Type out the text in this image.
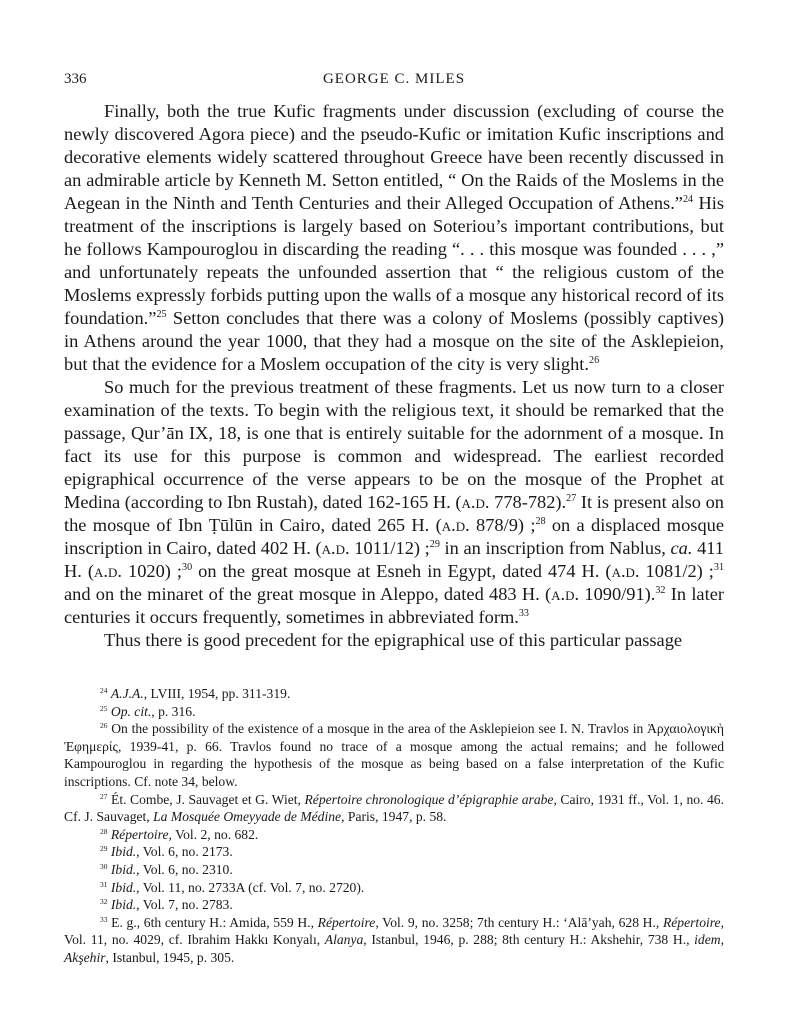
336	GEORGE C. MILES

Finally, both the true Kufic fragments under discussion (excluding of course the newly discovered Agora piece) and the pseudo-Kufic or imitation Kufic inscriptions and decorative elements widely scattered throughout Greece have been recently discussed in an admirable article by Kenneth M. Setton entitled, “ On the Raids of the Moslems in the Aegean in the Ninth and Tenth Centuries and their Alleged Occupation of Athens.”$^{24}$ His treatment of the inscriptions is largely based on Soteriou’s important contributions, but he follows Kampouroglou in discarding the reading “. . . this mosque was founded . . . ,” and unfortunately repeats the unfounded assertion that “ the religious custom of the Moslems expressly forbids putting upon the walls of a mosque any historical record of its foundation.”$^{25}$ Setton concludes that there was a colony of Moslems (possibly captives) in Athens around the year 1000, that they had a mosque on the site of the Asklepieion, but that the evidence for a Moslem occupation of the city is very slight.$^{26}$

So much for the previous treatment of these fragments. Let us now turn to a closer examination of the texts. To begin with the religious text, it should be remarked that the passage, Qur’ān IX, 18, is one that is entirely suitable for the adornment of a mosque. In fact its use for this purpose is common and widespread. The earliest recorded epigraphical occurrence of the verse appears to be on the mosque of the Prophet at Medina (according to Ibn Rustah), dated 162-165 H. (a.d. 778-782).$^{27}$ It is present also on the mosque of Ibn Ṭūlūn in Cairo, dated 265 H. (a.d. 878/9) ;$^{28}$ on a displaced mosque inscription in Cairo, dated 402 H. (a.d. 1011/12) ;$^{29}$ in an inscription from Nablus, ca. 411 H. (a.d. 1020) ;$^{30}$ on the great mosque at Esneh in Egypt, dated 474 H. (a.d. 1081/2) ;$^{31}$ and on the minaret of the great mosque in Aleppo, dated 483 H. (a.d. 1090/91).$^{32}$ In later centuries it occurs frequently, sometimes in abbreviated form.$^{33}$

Thus there is good precedent for the epigraphical use of this particular passage

$^{24}$ A.J.A., LVIII, 1954, pp. 311-319.

$^{25}$ Op. cit., p. 316.

$^{26}$ On the possibility of the existence of a mosque in the area of the Asklepieion see I. N. Travlos in Ἀρχαιολογικὴ Ἐφημερίς, 1939-41, p. 66. Travlos found no trace of a mosque among the actual remains; and he followed Kampouroglou in regarding the hypothesis of the mosque as being based on a false interpretation of the Kufic inscriptions. Cf. note 34, below.

$^{27}$ Ét. Combe, J. Sauvaget et G. Wiet, Répertoire chronologique d’épigraphie arabe, Cairo, 1931 ff., Vol. 1, no. 46. Cf. J. Sauvaget, La Mosquée Omeyyade de Médine, Paris, 1947, p. 58.

$^{28}$ Répertoire, Vol. 2, no. 682.

$^{29}$ Ibid., Vol. 6, no. 2173.

$^{30}$ Ibid., Vol. 6, no. 2310.

$^{31}$ Ibid., Vol. 11, no. 2733A (cf. Vol. 7, no. 2720).

$^{32}$ Ibid., Vol. 7, no. 2783.

$^{33}$ E. g., 6th century H.: Amida, 559 H., Répertoire, Vol. 9, no. 3258; 7th century H.: ‘Alā’yah, 628 H., Répertoire, Vol. 11, no. 4029, cf. Ibrahim Hakkı Konyalı, Alanya, Istanbul, 1946, p. 288; 8th century H.: Akshehir, 738 H., idem, Akşehir, Istanbul, 1945, p. 305.
